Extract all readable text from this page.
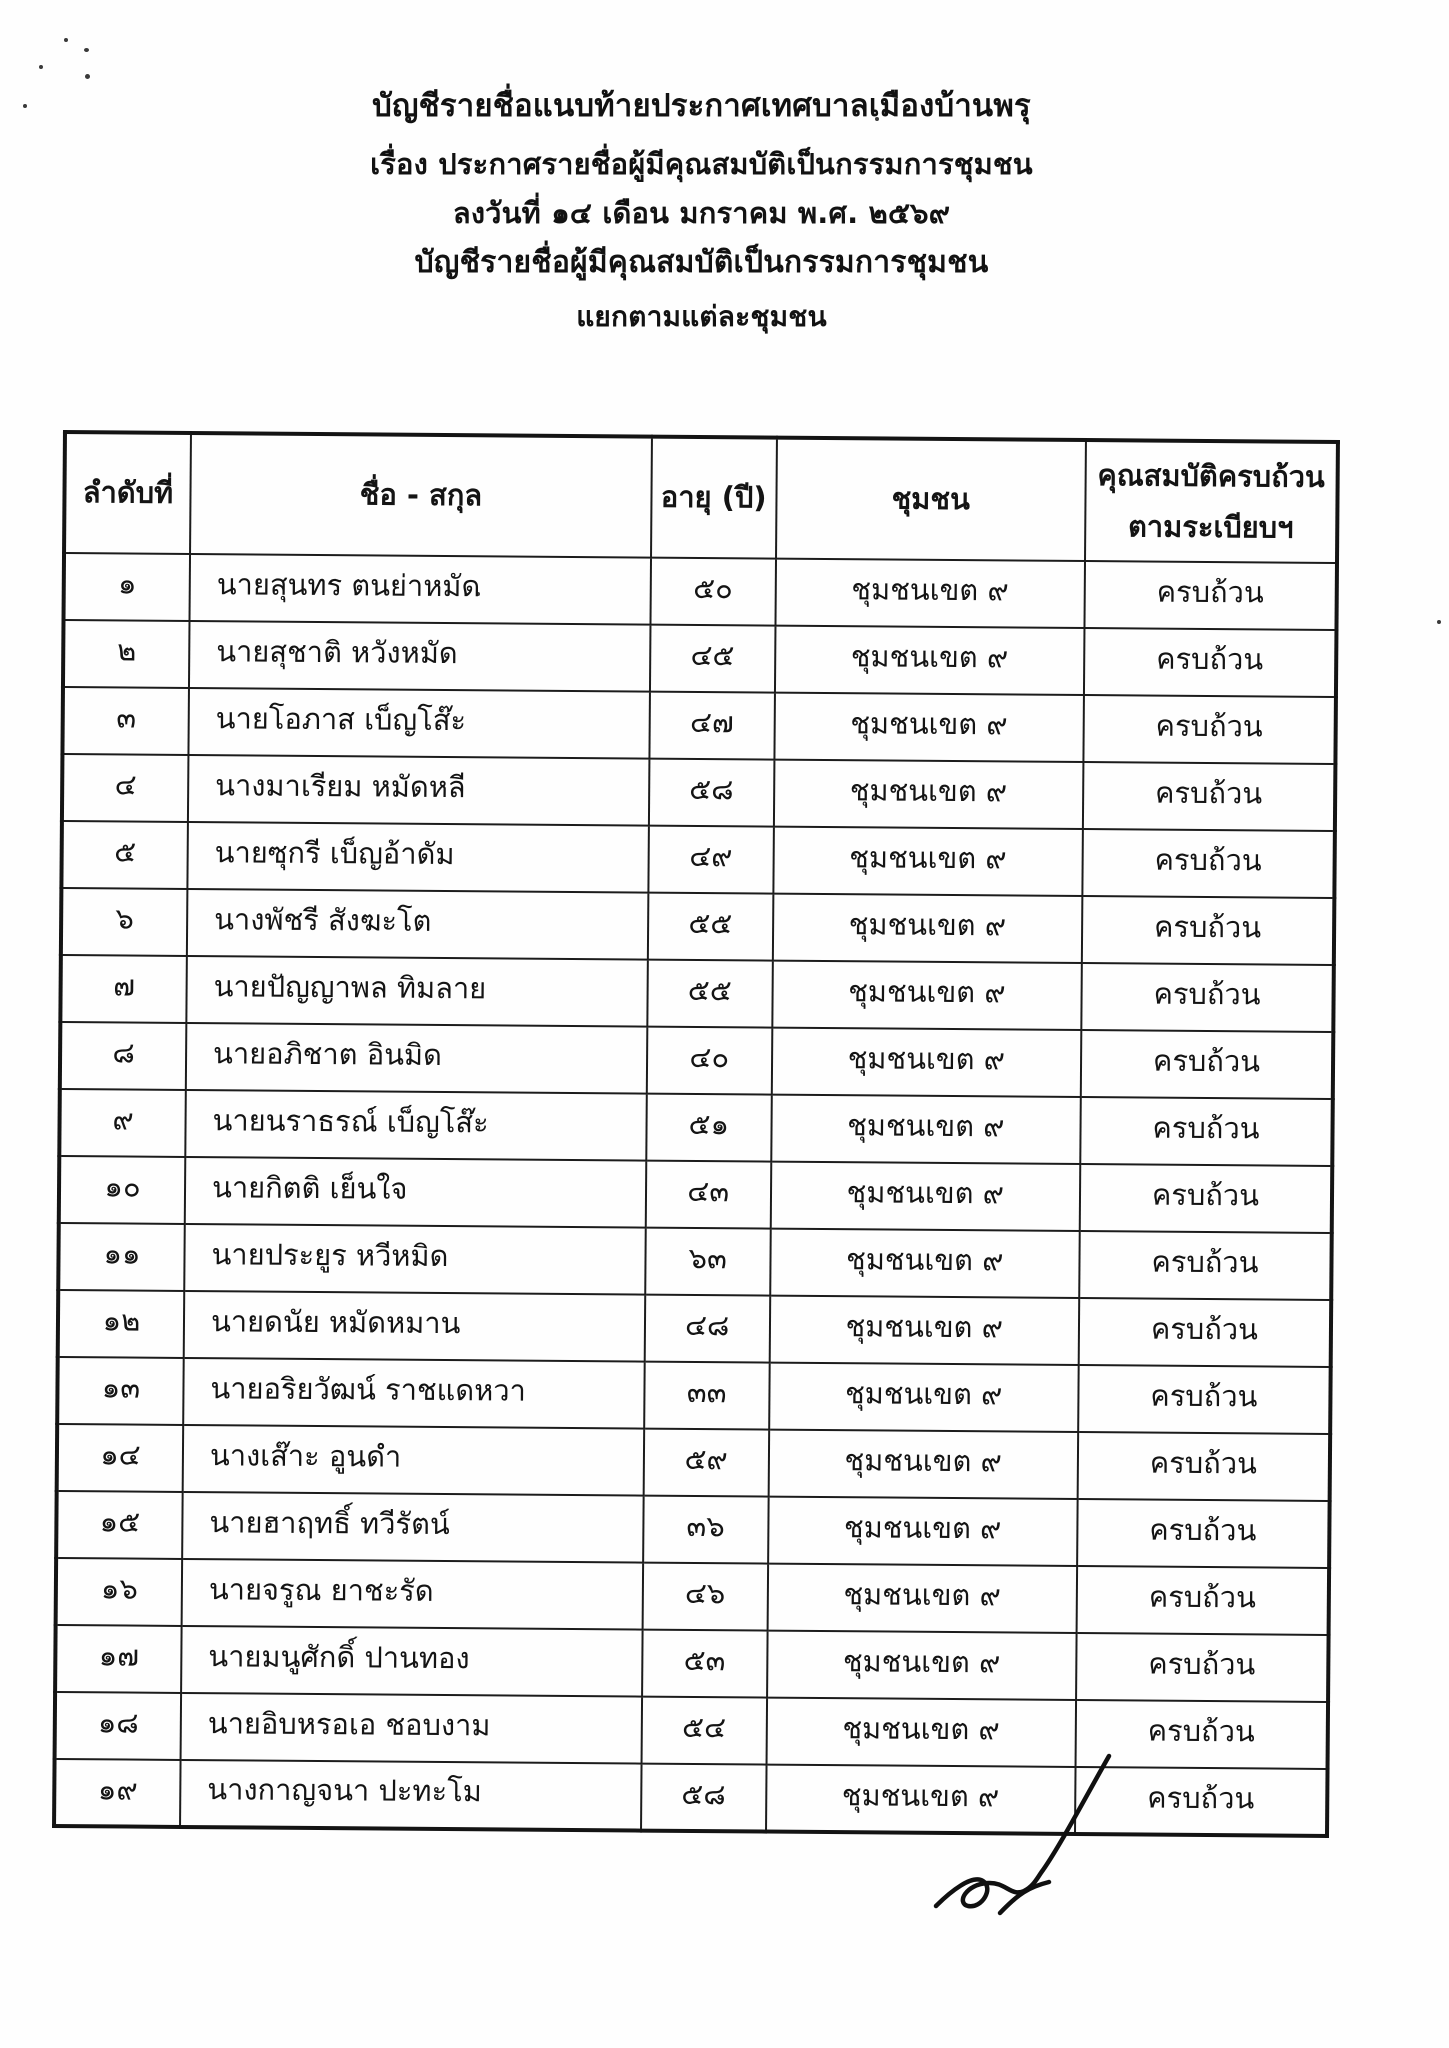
บัญชีรายชื่อแนบท้ายประกาศเทศบาลเมืองบ้านพรุ
เรื่อง ประกาศรายชื่อผู้มีคุณสมบัติเป็นกรรมการชุมชน
ลงวันที่ ๑๔ เดือน มกราคม พ.ศ. ๒๕๖๙
บัญชีรายชื่อผู้มีคุณสมบัติเป็นกรรมการชุมชน
แยกตามแต่ละชุมชน
ลำดับที่	ชื่อ - สกุล	อายุ (ปี)	ชุมชน	คุณสมบัติครบถ้วน
ตามระเบียบฯ

๑	นายสุนทร ตนย่าหมัด	๕๐	ชุมชนเขต ๙	ครบถ้วน
๒	นายสุชาติ หวังหมัด	๔๕	ชุมชนเขต ๙	ครบถ้วน
๓	นายโอภาส เบ็ญโส๊ะ	๔๗	ชุมชนเขต ๙	ครบถ้วน
๔	นางมาเรียม หมัดหลี	๕๘	ชุมชนเขต ๙	ครบถ้วน
๕	นายซุกรี เบ็ญอ้าดัม	๔๙	ชุมชนเขต ๙	ครบถ้วน
๖	นางพัชรี สังฆะโต	๕๕	ชุมชนเขต ๙	ครบถ้วน
๗	นายปัญญาพล ทิมลาย	๕๕	ชุมชนเขต ๙	ครบถ้วน
๘	นายอภิชาต อินมิด	๔๐	ชุมชนเขต ๙	ครบถ้วน
๙	นายนราธรณ์ เบ็ญโส๊ะ	๕๑	ชุมชนเขต ๙	ครบถ้วน
๑๐	นายกิตติ เย็นใจ	๔๓	ชุมชนเขต ๙	ครบถ้วน
๑๑	นายประยูร หวีหมิด	๖๓	ชุมชนเขต ๙	ครบถ้วน
๑๒	นายดนัย หมัดหมาน	๔๘	ชุมชนเขต ๙	ครบถ้วน
๑๓	นายอริยวัฒน์ ราชแดหวา	๓๓	ชุมชนเขต ๙	ครบถ้วน
๑๔	นางเส๊าะ อูนดำ	๕๙	ชุมชนเขต ๙	ครบถ้วน
๑๕	นายฮาฤทธิ์ ทวีรัตน์	๓๖	ชุมชนเขต ๙	ครบถ้วน
๑๖	นายจรูณ ยาชะรัด	๔๖	ชุมชนเขต ๙	ครบถ้วน
๑๗	นายมนูศักดิ์ ปานทอง	๕๓	ชุมชนเขต ๙	ครบถ้วน
๑๘	นายอิบหรอเอ ชอบงาม	๕๔	ชุมชนเขต ๙	ครบถ้วน
๑๙	นางกาญจนา ปะทะโม	๕๘	ชุมชนเขต ๙	ครบถ้วน
